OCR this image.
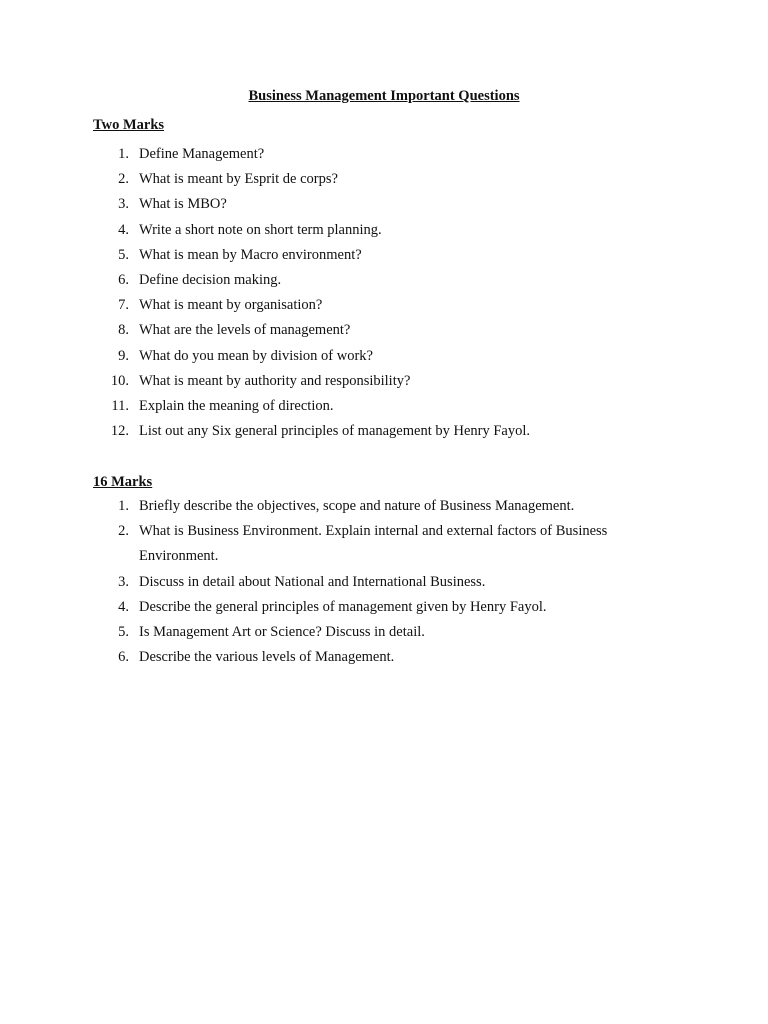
Business Management Important Questions
Two Marks
1. Define Management?
2. What is meant by Esprit de corps?
3. What is MBO?
4. Write a short note on short term planning.
5. What is mean by Macro environment?
6. Define decision making.
7. What is meant by organisation?
8. What are the levels of management?
9. What do you mean by division of work?
10. What is meant by authority and responsibility?
11. Explain the meaning of direction.
12. List out any Six general principles of management by Henry Fayol.
16 Marks
1. Briefly describe the objectives, scope and nature of Business Management.
2. What is Business Environment. Explain internal and external factors of Business Environment.
3. Discuss in detail about National and International Business.
4. Describe the general principles of management given by Henry Fayol.
5. Is Management Art or Science? Discuss in detail.
6. Describe the various levels of Management.
